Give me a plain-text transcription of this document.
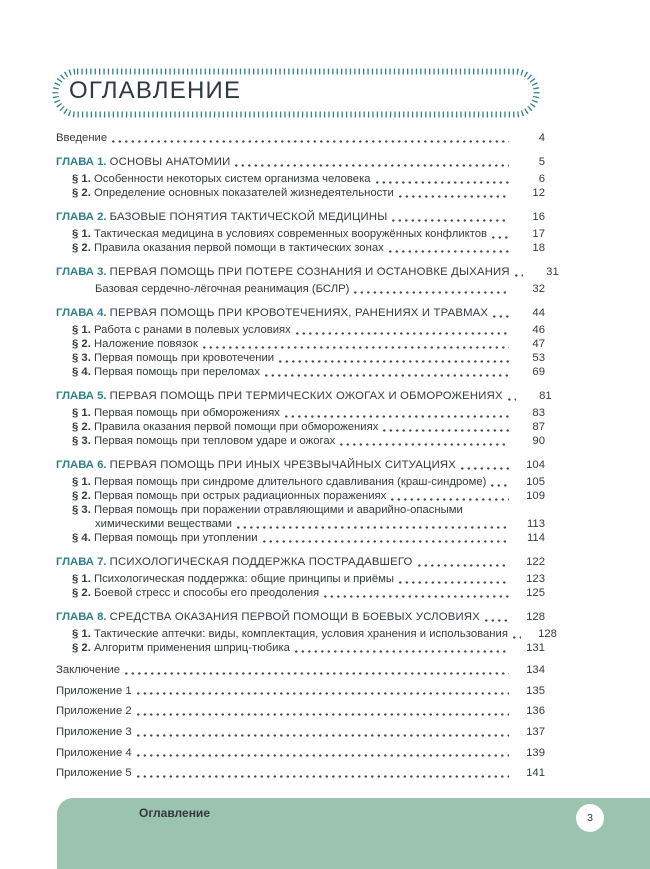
ОГЛАВЛЕНИЕ
Введение	4
ГЛАВА 1. ОСНОВЫ АНАТОМИИ	5
§ 1. Особенности некоторых систем организма человека	6
§ 2. Определение основных показателей жизнедеятельности	12
ГЛАВА 2. БАЗОВЫЕ ПОНЯТИЯ ТАКТИЧЕСКОЙ МЕДИЦИНЫ	16
§ 1. Тактическая медицина в условиях современных вооружённых конфликтов	17
§ 2. Правила оказания первой помощи в тактических зонах	18
ГЛАВА 3. ПЕРВАЯ ПОМОЩЬ ПРИ ПОТЕРЕ СОЗНАНИЯ И ОСТАНОВКЕ ДЫХАНИЯ	31
Базовая сердечно-лёгочная реанимация (БСЛР)	32
ГЛАВА 4. ПЕРВАЯ ПОМОЩЬ ПРИ КРОВОТЕЧЕНИЯХ, РАНЕНИЯХ И ТРАВМАХ	44
§ 1. Работа с ранами в полевых условиях	46
§ 2. Наложение повязок	47
§ 3. Первая помощь при кровотечении	53
§ 4. Первая помощь при переломах	69
ГЛАВА 5. ПЕРВАЯ ПОМОЩЬ ПРИ ТЕРМИЧЕСКИХ ОЖОГАХ И ОБМОРОЖЕНИЯХ	81
§ 1. Первая помощь при обморожениях	83
§ 2. Правила оказания первой помощи при обморожениях	87
§ 3. Первая помощь при тепловом ударе и ожогах	90
ГЛАВА 6. ПЕРВАЯ ПОМОЩЬ ПРИ ИНЫХ ЧРЕЗВЫЧАЙНЫХ СИТУАЦИЯХ	104
§ 1. Первая помощь при синдроме длительного сдавливания (краш-синдроме)	105
§ 2. Первая помощь при острых радиационных поражениях	109
§ 3. Первая помощь при поражении отравляющими и аварийно-опасными
химическими веществами	113
§ 4. Первая помощь при утоплении	114
ГЛАВА 7. ПСИХОЛОГИЧЕСКАЯ ПОДДЕРЖКА ПОСТРАДАВШЕГО	122
§ 1. Психологическая поддержка: общие принципы и приёмы	123
§ 2. Боевой стресс и способы его преодоления	125
ГЛАВА 8. СРЕДСТВА ОКАЗАНИЯ ПЕРВОЙ ПОМОЩИ В БОЕВЫХ УСЛОВИЯХ	128
§ 1. Тактические аптечки: виды, комплектация, условия хранения и использования	128
§ 2. Алгоритм применения шприц-тюбика	131
Заключение	134
Приложение 1	135
Приложение 2	136
Приложение 3	137
Приложение 4	139
Приложение 5	141
Оглавление	3
